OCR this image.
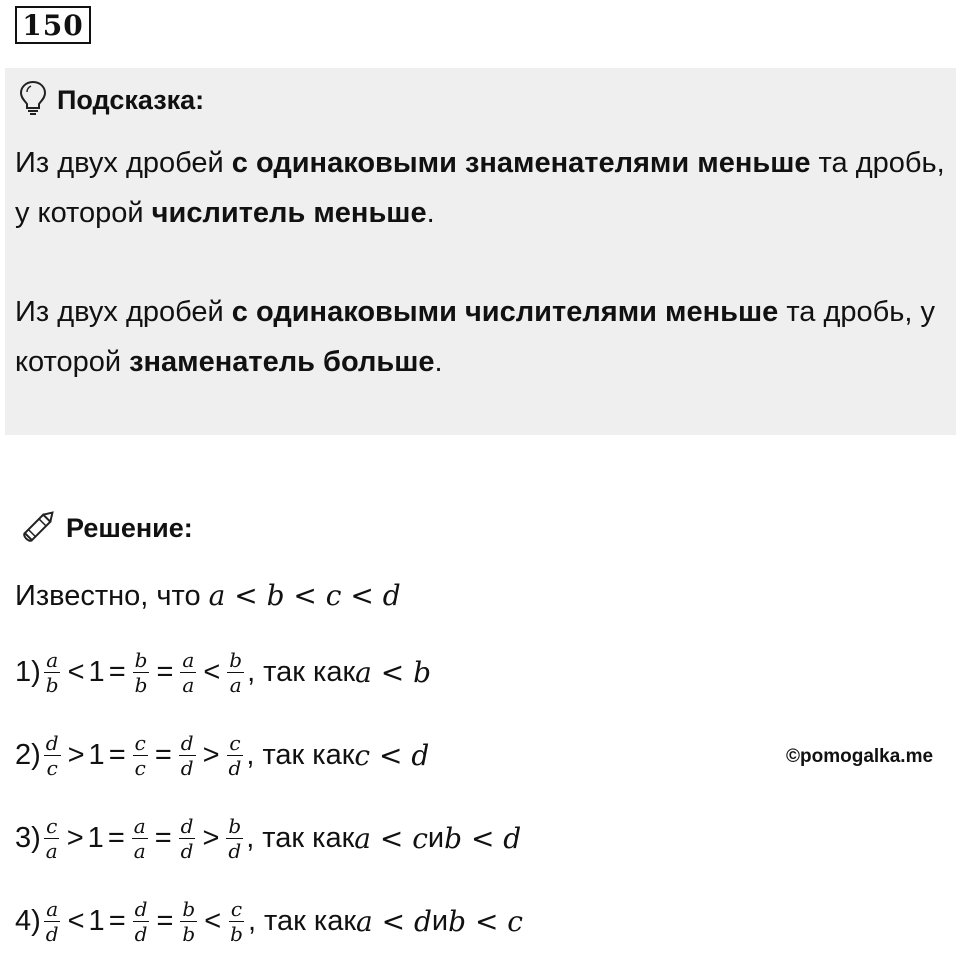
150
Подсказка:
Из двух дробей с одинаковыми знаменателями меньше та дробь, у которой числитель меньше.
Из двух дробей с одинаковыми числителями меньше та дробь, у которой знаменатель больше.
Решение:
Известно, что a < b < c < d
$1) \frac{a}{b} < 1 = \frac{b}{b} = \frac{a}{a} < \frac{b}{a}$ , так как a < b
$2) \frac{d}{c} > 1 = \frac{c}{c} = \frac{d}{d} > \frac{c}{d}$ , так как c < d
$3) \frac{c}{a} > 1 = \frac{a}{a} = \frac{d}{d} > \frac{b}{d}$ , так как a < c и b < d
$4) \frac{a}{d} < 1 = \frac{d}{d} = \frac{b}{b} < \frac{c}{b}$ , так как a < d и b < c
©pomogalka.me
